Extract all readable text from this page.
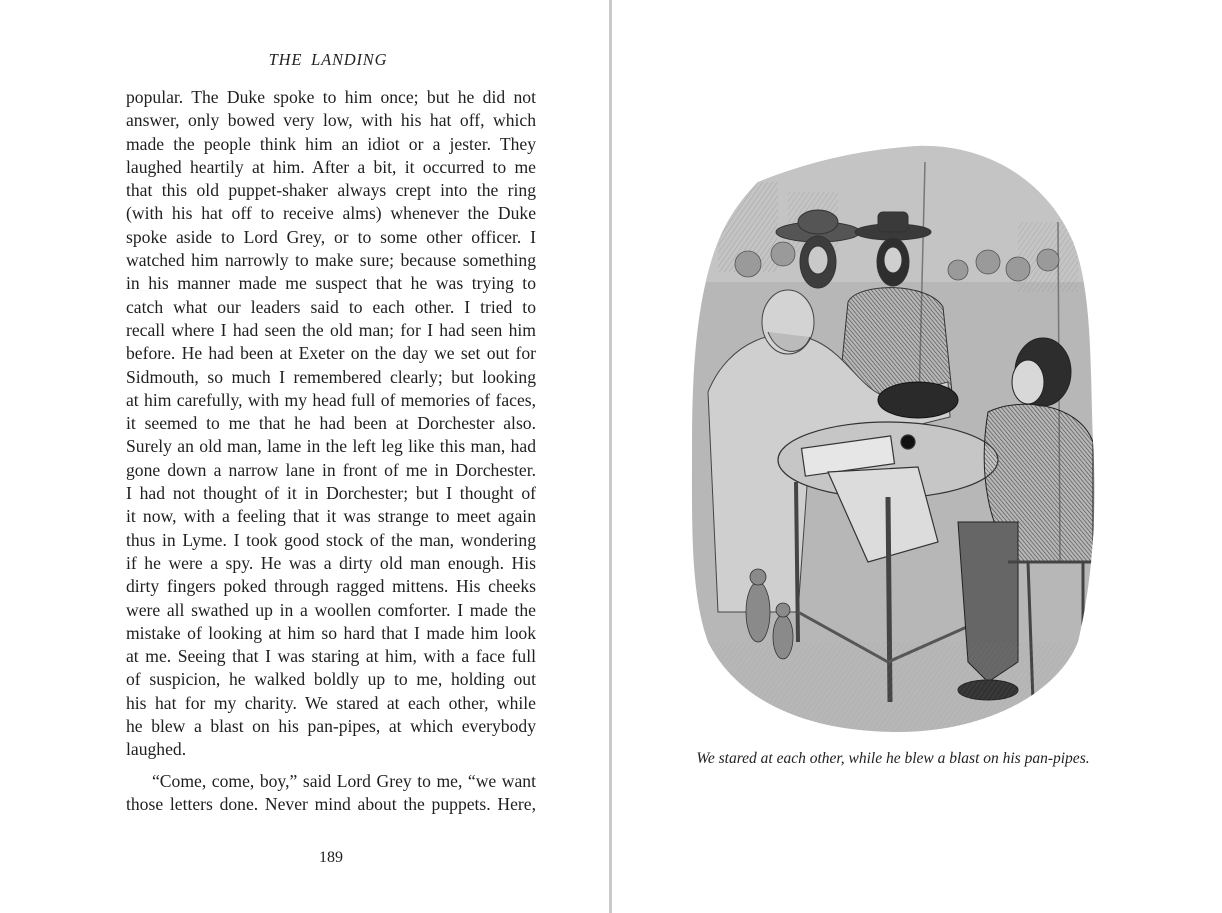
THE LANDING
popular. The Duke spoke to him once; but he did not
answer, only bowed very low, with his hat off, which
made the people think him an idiot or a jester. They
laughed heartily at him. After a bit, it occurred to me
that this old puppet-shaker always crept into the ring
(with his hat off to receive alms) whenever the Duke
spoke aside to Lord Grey, or to some other officer. I
watched him narrowly to make sure; because something
in his manner made me suspect that he was trying to
catch what our leaders said to each other. I tried to
recall where I had seen the old man; for I had seen him
before. He had been at Exeter on the day we set out for
Sidmouth, so much I remembered clearly; but looking
at him carefully, with my head full of memories of faces,
it seemed to me that he had been at Dorchester also.
Surely an old man, lame in the left leg like this man, had
gone down a narrow lane in front of me in Dorchester.
I had not thought of it in Dorchester; but I thought of
it now, with a feeling that it was strange to meet again
thus in Lyme. I took good stock of the man, wondering
if he were a spy. He was a dirty old man enough. His
dirty fingers poked through ragged mittens. His cheeks
were all swathed up in a woollen comforter. I made the
mistake of looking at him so hard that I made him look
at me. Seeing that I was staring at him, with a face full
of suspicion, he walked boldly up to me, holding out
his hat for my charity. We stared at each other, while
he blew a blast on his pan-pipes, at which everybody
laughed.
“Come, come, boy,” said Lord Grey to me, “we want
those letters done. Never mind about the puppets. Here,
189
We stared at each other, while he blew a blast on his pan-pipes.
